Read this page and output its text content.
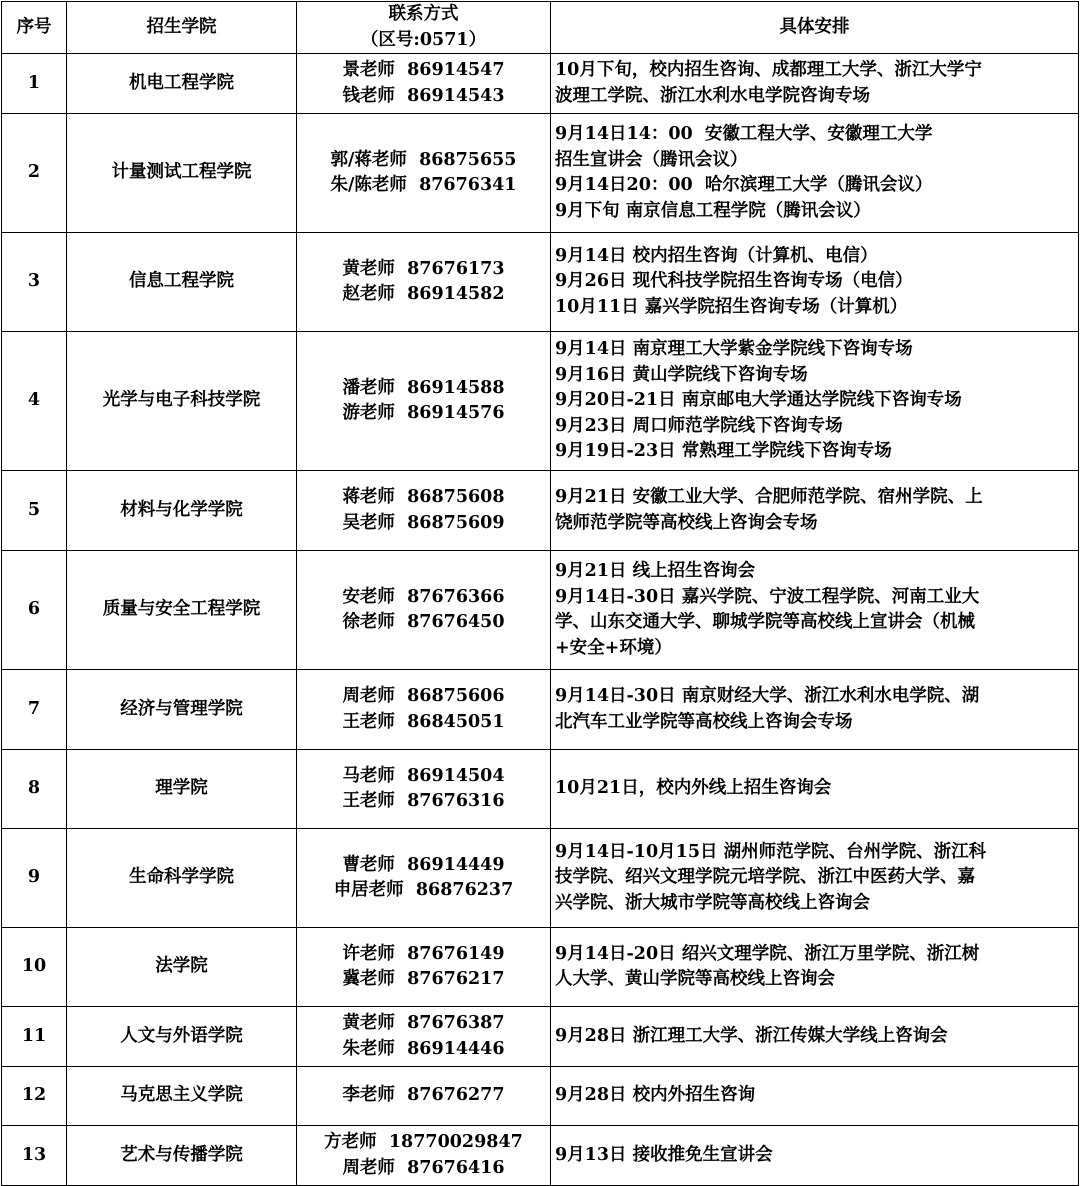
序号	招生学院	联系方式
（区号:0571）	具体安排
1	机电工程学院	景老师  86914547
钱老师  86914543	10月下旬，校内招生咨询、成都理工大学、浙江大学宁
波理工学院、浙江水利水电学院咨询专场

2	计量测试工程学院	郭/蒋老师  86875655
朱/陈老师  87676341	9月14日14：00  安徽工程大学、安徽理工大学
招生宣讲会（腾讯会议）
9月14日20：00  哈尔滨理工大学（腾讯会议）
9月下旬 南京信息工程学院（腾讯会议）

3	信息工程学院	黄老师  87676173
赵老师  86914582	9月14日 校内招生咨询（计算机、电信）
9月26日 现代科技学院招生咨询专场（电信）
10月11日 嘉兴学院招生咨询专场（计算机）

4	光学与电子科技学院	潘老师  86914588
游老师  86914576	9月14日 南京理工大学紫金学院线下咨询专场
9月16日 黄山学院线下咨询专场
9月20日-21日 南京邮电大学通达学院线下咨询专场
9月23日 周口师范学院线下咨询专场
9月19日-23日 常熟理工学院线下咨询专场

5	材料与化学学院	蒋老师  86875608
吴老师  86875609	9月21日 安徽工业大学、合肥师范学院、宿州学院、上
饶师范学院等高校线上咨询会专场

6	质量与安全工程学院	安老师  87676366
徐老师  87676450	9月21日 线上招生咨询会
9月14日-30日 嘉兴学院、宁波工程学院、河南工业大
学、山东交通大学、聊城学院等高校线上宣讲会（机械
+安全+环境）

7	经济与管理学院	周老师  86875606
王老师  86845051	9月14日-30日 南京财经大学、浙江水利水电学院、湖
北汽车工业学院等高校线上咨询会专场

8	理学院	马老师  86914504
王老师  87676316	10月21日，校内外线上招生咨询会

9	生命科学学院	曹老师  86914449
申居老师  86876237	9月14日-10月15日 湖州师范学院、台州学院、浙江科
技学院、绍兴文理学院元培学院、浙江中医药大学、嘉
兴学院、浙大城市学院等高校线上咨询会

10	法学院	许老师  87676149
冀老师  87676217	9月14日-20日 绍兴文理学院、浙江万里学院、浙江树
人大学、黄山学院等高校线上咨询会

11	人文与外语学院	黄老师  87676387
朱老师  86914446	9月28日 浙江理工大学、浙江传媒大学线上咨询会

12	马克思主义学院	李老师  87676277	9月28日 校内外招生咨询

13	艺术与传播学院	方老师  18770029847
周老师  87676416	9月13日 接收推免生宣讲会
